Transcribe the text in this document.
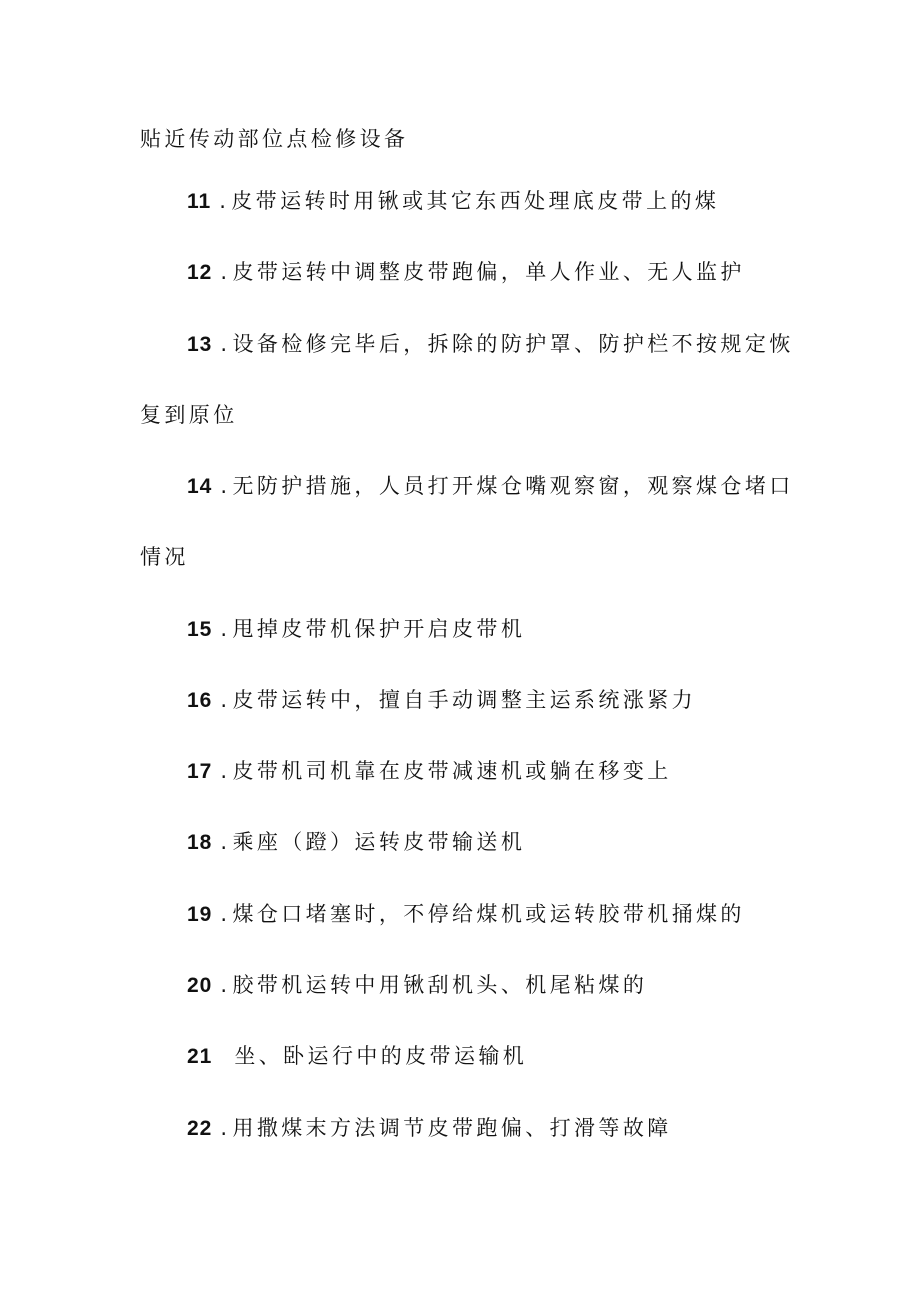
贴近传动部位点检修设备
11 .皮带运转时用锹或其它东西处理底皮带上的煤
12 .皮带运转中调整皮带跑偏，单人作业、无人监护
13 .设备检修完毕后，拆除的防护罩、防护栏不按规定恢
复到原位
14 .无防护措施，人员打开煤仓嘴观察窗，观察煤仓堵口
情况
15 .甩掉皮带机保护开启皮带机
16 .皮带运转中，擅自手动调整主运系统涨紧力
17 .皮带机司机靠在皮带减速机或躺在移变上
18 .乘座（蹬）运转皮带输送机
19 .煤仓口堵塞时，不停给煤机或运转胶带机捅煤的
20 .胶带机运转中用锹刮机头、机尾粘煤的
21 坐、卧运行中的皮带运输机
22 .用撒煤末方法调节皮带跑偏、打滑等故障
